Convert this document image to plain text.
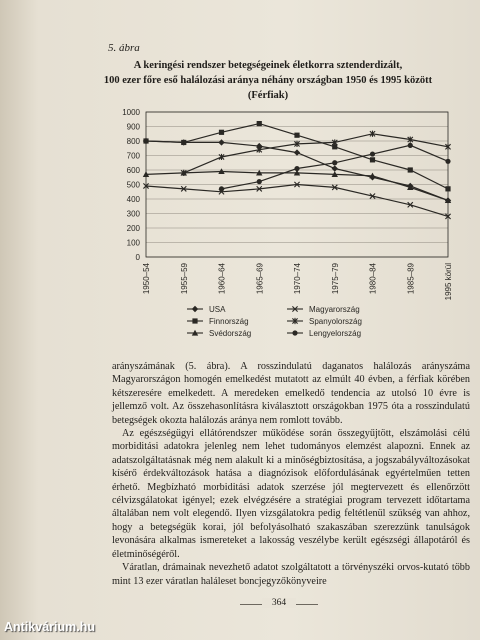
5. ábra
A keringési rendszer betegségeinek életkorra sztenderdizált,
100 ezer főre eső halálozási aránya néhány országban 1950 és 1995 között
(Férfiak)
0
100
200
300
400
500
600
700
800
900
1000
1950–54	1955–59	1960–64	1965–69	1970–74	1975–79	1980–84	1985–89	1995 körül
USA
Finnország
Svédország
Magyarország
Spanyolország
Lengyelország

arányszámának (5. ábra). A rosszindulatú daganatos halálozás arányszáma Magyarországon homogén emelkedést mutatott az elmúlt 40 évben, a férfiak körében kétszeresére emelkedett. A meredeken emelkedő tendencia az utolsó 10 évre is jellemző volt. Az összehasonlításra kiválasztott országokban 1975 óta a rosszindulatú betegségek okozta halálozás aránya nem romlott tovább.

Az egészségügyi ellátórendszer működése során összegyűjtött, elszámolási célú morbiditási adatokra jelenleg nem lehet tudományos elemzést alapozni. Ennek az adatszolgáltatásnak még nem alakult ki a minőségbiztosítása, a jogszabályváltozásokat kísérő érdekváltozások hatása a diagnózisok előfordulásának egyértelműen tetten érhető. Megbízható morbiditási adatok szerzése jól megtervezett és ellenőrzött célvizsgálatokat igényel; ezek elvégzésére a stratégiai program tervezett időtartama általában nem volt elegendő. Ilyen vizsgálatokra pedig feltétlenül szükség van ahhoz, hogy a betegségük korai, jól befolyásolható szakaszában szerezzünk tanulságok levonására alkalmas ismereteket a lakosság veszélybe került egészségi állapotáról és életminőségéről.

Váratlan, drámainak nevezhető adatot szolgáltatott a törvényszéki orvos-kutató több mint 13 ezer váratlan haláleset boncjegyzőkönyveire

364
Antikvárium.hu
